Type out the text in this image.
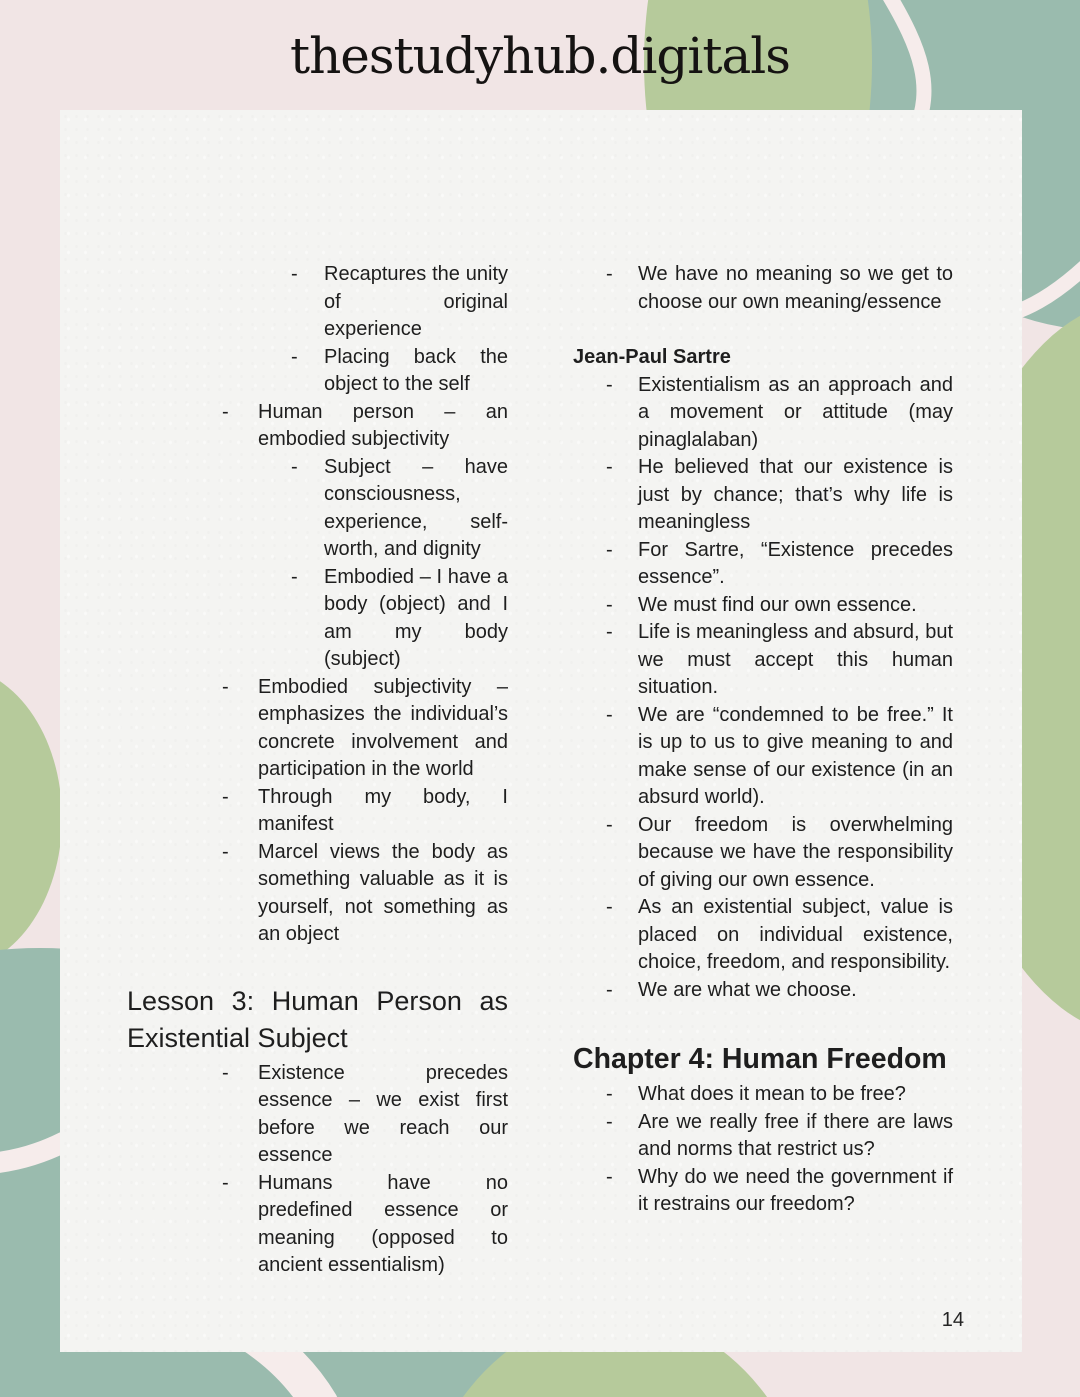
thestudyhub.digitals
-	Recaptures the unity of original experience
-	Placing back the object to the self
-	Human person – an embodied subjectivity
-	Subject – have consciousness, experience, self-worth, and dignity
-	Embodied – I have a body (object) and I am my body (subject)
-	Embodied subjectivity – emphasizes the individual’s concrete involvement and participation in the world
-	Through my body, I manifest
-	Marcel views the body as something valuable as it is yourself, not something as an object
Lesson 3: Human Person as Existential Subject
-	Existence precedes essence – we exist first before we reach our essence
-	Humans have no predefined essence or meaning (opposed to ancient essentialism)
-	We have no meaning so we get to choose our own meaning/essence
Jean-Paul Sartre
-	Existentialism as an approach and a movement or attitude (may pinaglalaban)
-	He believed that our existence is just by chance; that’s why life is meaningless
-	For Sartre, “Existence precedes essence”.
-	We must find our own essence.
-	Life is meaningless and absurd, but we must accept this human situation.
-	We are “condemned to be free.” It is up to us to give meaning to and make sense of our existence (in an absurd world).
-	Our freedom is overwhelming because we have the responsibility of giving our own essence.
-	As an existential subject, value is placed on individual existence, choice, freedom, and responsibility.
-	We are what we choose.
Chapter 4: Human Freedom
-	What does it mean to be free?
-	Are we really free if there are laws and norms that restrict us?
-	Why do we need the government if it restrains our freedom?
14
